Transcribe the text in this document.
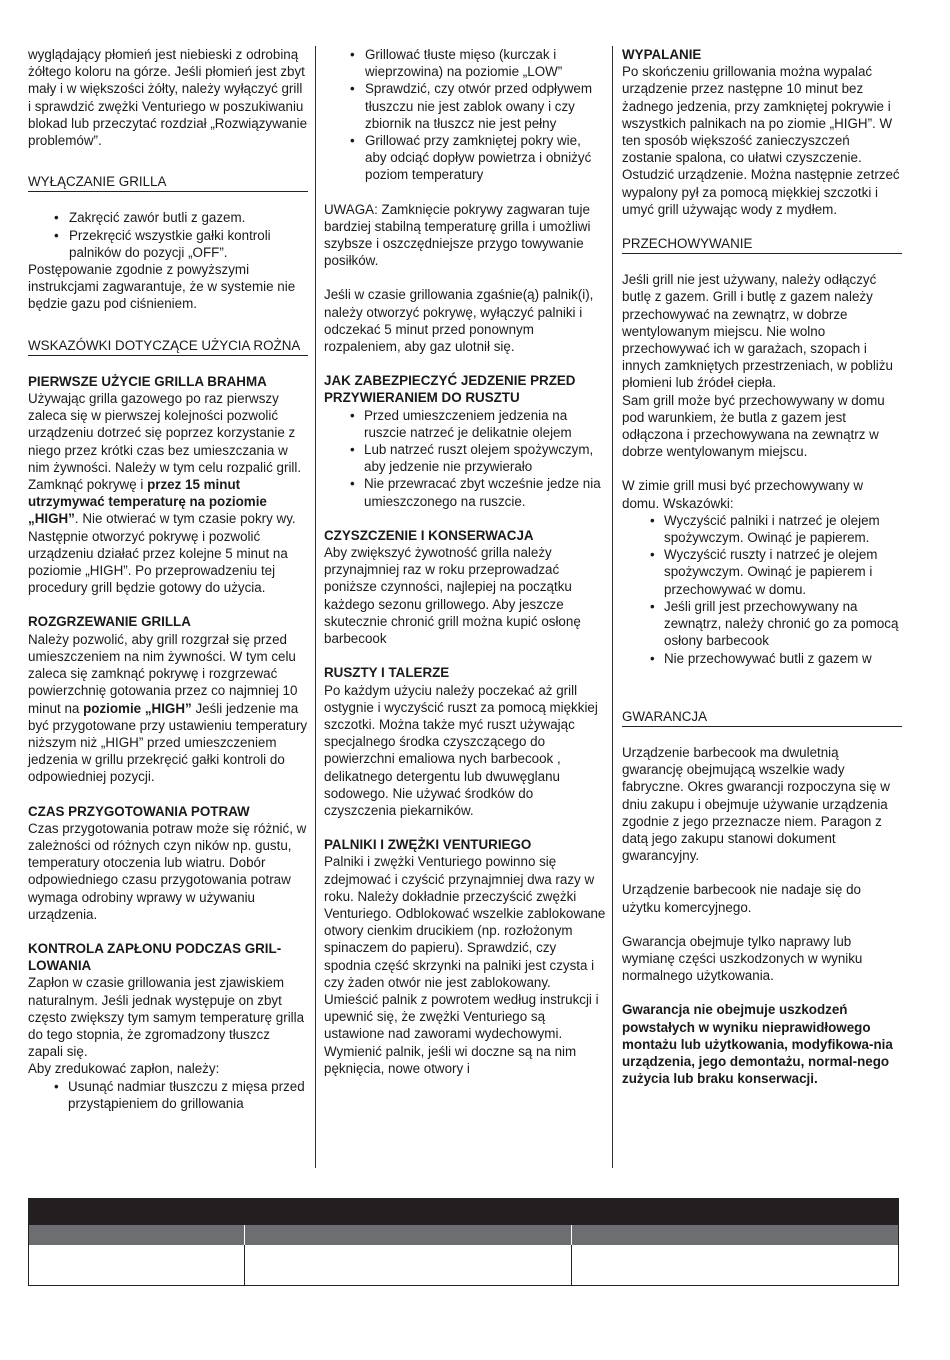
wyglądający płomień jest niebieski z odrobiną żółtego koloru na górze. Jeśli płomień jest zbyt mały i w większości żółty, należy wyłączyć grill i sprawdzić zwężki Venturiego w poszukiwaniu blokad lub przeczytać rozdział „Rozwiązywanie problemów”.

WYŁĄCZANIE GRILLA

• Zakręcić zawór butli z gazem.
• Przekręcić wszystkie gałki kontroli palników do pozycji „OFF”.

Postępowanie zgodnie z powyższymi instrukcjami zagwarantuje, że w systemie nie będzie gazu pod ciśnieniem.

WSKAZÓWKI DOTYCZĄCE UŻYCIA ROŻNA

PIERWSZE UŻYCIE GRILLA BRAHMA

Używając grilla gazowego po raz pierwszy zaleca się w pierwszej kolejności pozwolić urządzeniu dotrzeć się poprzez korzystanie z niego przez krótki czas bez umieszczania w nim żywności. Należy w tym celu rozpalić grill. Zamknąć pokrywę i przez 15 minut utrzymywać temperaturę na poziomie „HIGH”. Nie otwierać w tym czasie pokry wy. Następnie otworzyć pokrywę i pozwolić urządzeniu działać przez kolejne 5 minut na poziomie „HIGH”. Po przeprowadzeniu tej procedury grill będzie gotowy do użycia.

ROZGRZEWANIE GRILLA

Należy pozwolić, aby grill rozgrzał się przed umieszczeniem na nim żywności. W tym celu zaleca się zamknąć pokrywę i rozgrzewać powierzchnię gotowania przez co najmniej 10 minut na poziomie „HIGH” Jeśli jedzenie ma być przygotowane przy ustawieniu temperatury niższym niż „HIGH” przed umieszczeniem jedzenia w grillu przekręcić gałki kontroli do odpowiedniej pozycji.

CZAS PRZYGOTOWANIA POTRAW

Czas przygotowania potraw może się różnić, w zależności od różnych czyn ników np. gustu, temperatury otoczenia lub wiatru. Dobór odpowiedniego czasu przygotowania potraw wymaga odrobiny wprawy w używaniu urządzenia.

KONTROLA ZAPŁONU PODCZAS GRIL-LOWANIA

Zapłon w czasie grillowania jest zjawiskiem naturalnym. Jeśli jednak występuje on zbyt często zwiększy tym samym temperaturę grilla do tego stopnia, że zgromadzony tłuszcz zapali się.

Aby zredukować zapłon, należy:

• Usunąć nadmiar tłuszczu z mięsa przed przystąpieniem do grillowania
• Grillować tłuste mięso (kurczak i wieprzowina) na poziomie „LOW”
• Sprawdzić, czy otwór przed odpływem tłuszczu nie jest zablok owany i czy zbiornik na tłuszcz nie jest pełny
• Grillować przy zamkniętej pokry wie, aby odciąć dopływ powietrza i obniżyć poziom temperatury

UWAGA: Zamknięcie pokrywy zagwaran tuje bardziej stabilną temperaturę grilla i umożliwi szybsze i oszczędniejsze przygo towywanie posiłków.

Jeśli w czasie grillowania zgaśnie(ą) palnik(i), należy otworzyć pokrywę, wyłączyć palniki i odczekać 5 minut przed ponownym rozpaleniem, aby gaz ulotnił się.

JAK ZABEZPIECZYĆ JEDZENIE PRZED PRZYWIERANIEM DO RUSZTU

• Przed umieszczeniem jedzenia na ruszcie natrzeć je delikatnie olejem
• Lub natrzeć ruszt olejem spożywczym, aby jedzenie nie przywierało
• Nie przewracać zbyt wcześnie jedze nia umieszczonego na ruszcie.

CZYSZCZENIE I KONSERWACJA

Aby zwiększyć żywotność grilla należy przynajmniej raz w roku przeprowadzać poniższe czynności, najlepiej na początku każdego sezonu grillowego. Aby jeszcze skutecznie chronić grill można kupić osłonę barbecook

RUSZTY I TALERZE

Po każdym użyciu należy poczekać aż grill ostygnie i wyczyścić ruszt za pomocą miękkiej szczotki. Można także myć ruszt używając specjalnego środka czyszczącego do powierzchni emaliowa nych barbecook , delikatnego detergentu lub dwuwęglanu sodowego. Nie używać środków do czyszczenia piekarników.

PALNIKI I ZWĘŻKI VENTURIEGO

Palniki i zwężki Venturiego powinno się zdejmować i czyścić przynajmniej dwa razy w roku. Należy dokładnie przeczyścić zwężki Venturiego. Odblokować wszelkie zablokowane otwory cienkim drucikiem (np. rozłożonym spinaczem do papieru). Sprawdzić, czy spodnia część skrzynki na palniki jest czysta i czy żaden otwór nie jest zablokowany. Umieścić palnik z powrotem według instrukcji i upewnić się, że zwężki Venturiego są ustawione nad zaworami wydechowymi. Wymienić palnik, jeśli wi doczne są na nim pęknięcia, nowe otwory i

WYPALANIE

Po skończeniu grillowania można wypalać urządzenie przez następne 10 minut bez żadnego jedzenia, przy zamkniętej pokrywie i wszystkich palnikach na po ziomie „HIGH”. W ten sposób większość zanieczyszczeń zostanie spalona, co ułatwi czyszczenie. Ostudzić urządzenie. Można następnie zetrzeć wypalony pył za pomocą miękkiej szczotki i umyć grill używając wody z mydłem.

PRZECHOWYWANIE

Jeśli grill nie jest używany, należy odłączyć butlę z gazem. Grill i butlę z gazem należy przechowywać na zewnątrz, w dobrze wentylowanym miejscu. Nie wolno przechowywać ich w garażach, szopach i innych zamkniętych przestrzeniach, w pobliżu płomieni lub źródeł ciepła.

Sam grill może być przechowywany w domu pod warunkiem, że butla z gazem jest odłączona i przechowywana na zewnątrz w dobrze wentylowanym miejscu.

W zimie grill musi być przechowywany w domu. Wskazówki:

• Wyczyścić palniki i natrzeć je olejem spożywczym. Owinąć je papierem.
• Wyczyścić ruszty i natrzeć je olejem spożywczym. Owinąć je papierem i przechowywać w domu.
• Jeśli grill jest przechowywany na zewnątrz, należy chronić go za pomocą osłony barbecook
• Nie przechowywać butli z gazem w

GWARANCJA

Urządzenie barbecook ma dwuletnią gwarancję obejmującą wszelkie wady fabryczne. Okres gwarancji rozpoczyna się w dniu zakupu i obejmuje używanie urządzenia zgodnie z jego przeznacze niem. Paragon z datą jego zakupu stanowi dokument gwarancyjny.

Urządzenie barbecook nie nadaje się do użytku komercyjnego.

Gwarancja obejmuje tylko naprawy lub wymianę części uszkodzonych w wyniku normalnego użytkowania.

Gwarancja nie obejmuje uszkodzeń powstałych w wyniku nieprawidłowego montażu lub użytkowania, modyfikowa-nia urządzenia, jego demontażu, normal-nego zużycia lub braku konserwacji.
